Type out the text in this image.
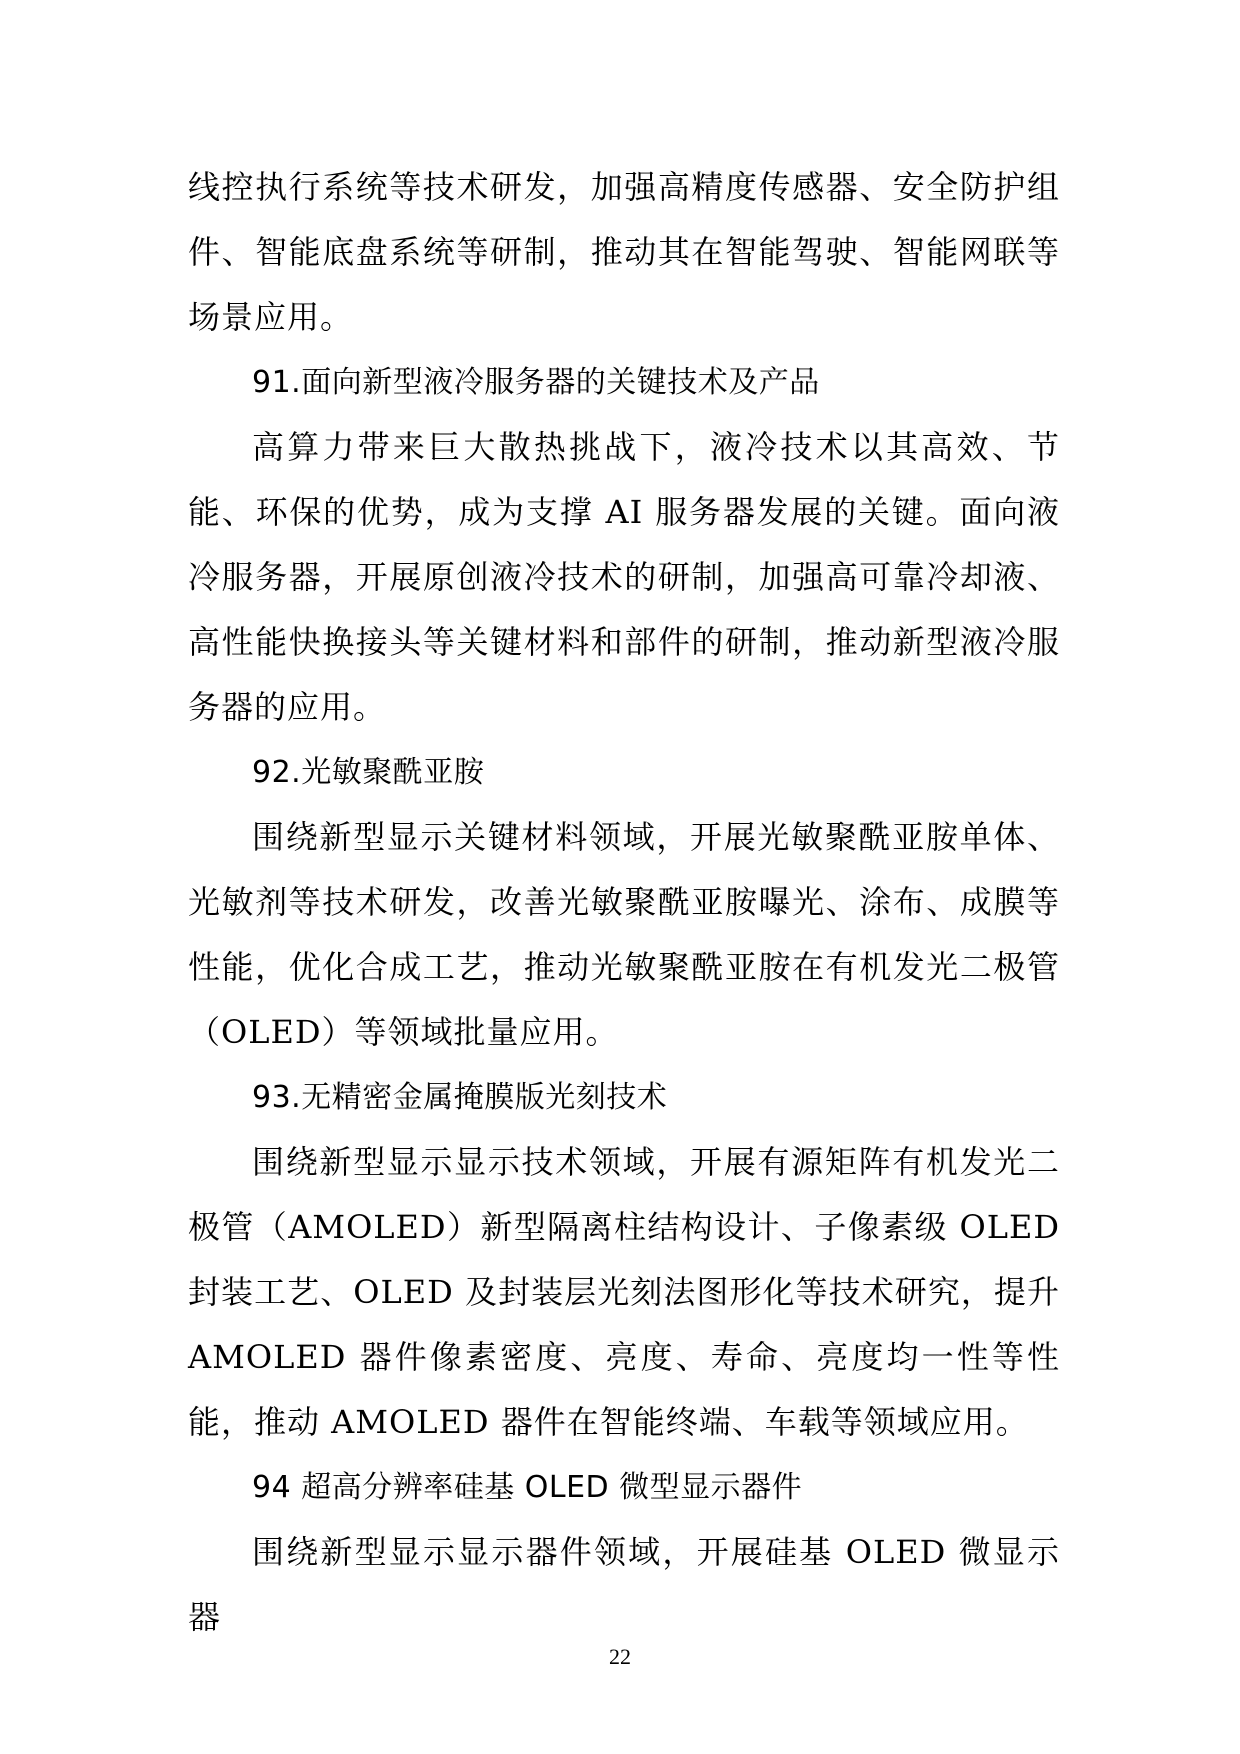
线控执行系统等技术研发，加强高精度传感器、安全防护组件、智能底盘系统等研制，推动其在智能驾驶、智能网联等场景应用。

91.面向新型液冷服务器的关键技术及产品

高算力带来巨大散热挑战下，液冷技术以其高效、节能、环保的优势，成为支撑 AI 服务器发展的关键。面向液冷服务器，开展原创液冷技术的研制，加强高可靠冷却液、高性能快换接头等关键材料和部件的研制，推动新型液冷服务器的应用。

92.光敏聚酰亚胺

围绕新型显示关键材料领域，开展光敏聚酰亚胺单体、光敏剂等技术研发，改善光敏聚酰亚胺曝光、涂布、成膜等性能，优化合成工艺，推动光敏聚酰亚胺在有机发光二极管（OLED）等领域批量应用。

93.无精密金属掩膜版光刻技术

围绕新型显示显示技术领域，开展有源矩阵有机发光二极管（AMOLED）新型隔离柱结构设计、子像素级 OLED 封装工艺、OLED 及封装层光刻法图形化等技术研究，提升 AMOLED 器件像素密度、亮度、寿命、亮度均一性等性能，推动 AMOLED 器件在智能终端、车载等领域应用。

94 超高分辨率硅基 OLED 微型显示器件

围绕新型显示显示器件领域，开展硅基 OLED 微显示器

22
